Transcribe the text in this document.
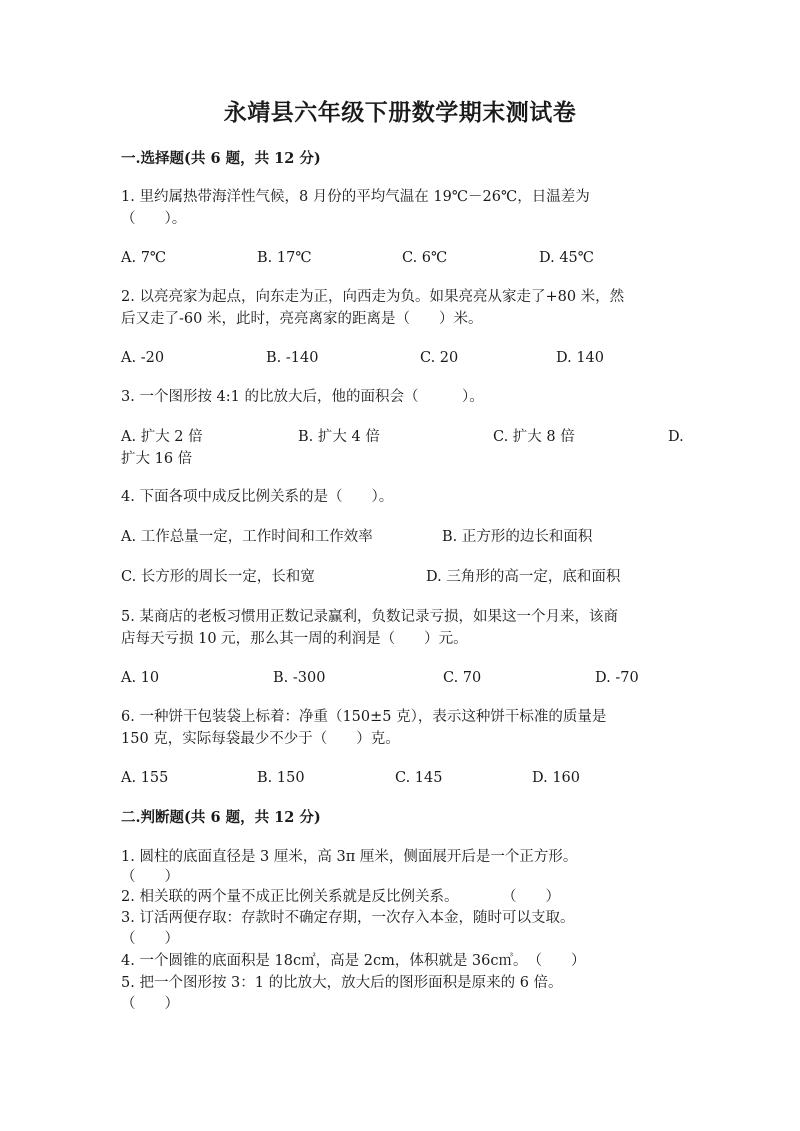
永靖县六年级下册数学期末测试卷
一.选择题(共 6 题，共 12 分)
1. 里约属热带海洋性气候，8 月份的平均气温在 19℃－26℃，日温差为
（　　）。
A. 7℃	B. 17℃	C. 6℃	D. 45℃
2. 以亮亮家为起点，向东走为正，向西走为负。如果亮亮从家走了+80 米，然
后又走了-60 米，此时，亮亮离家的距离是（　　）米。
A. -20	B. -140	C. 20	D. 140
3. 一个图形按 4:1 的比放大后，他的面积会（　　　）。
A. 扩大 2 倍	B. 扩大 4 倍	C. 扩大 8 倍	D.
扩大 16 倍
4. 下面各项中成反比例关系的是（　　）。
A. 工作总量一定，工作时间和工作效率	B. 正方形的边长和面积
C. 长方形的周长一定，长和宽	D. 三角形的高一定，底和面积
5. 某商店的老板习惯用正数记录赢利，负数记录亏损，如果这一个月来，该商
店每天亏损 10 元，那么其一周的利润是（　　）元。
A. 10	B. -300	C. 70	D. -70
6. 一种饼干包装袋上标着：净重（150±5 克），表示这种饼干标准的质量是
150 克，实际每袋最少不少于（　　）克。
A. 155	B. 150	C. 145	D. 160
二.判断题(共 6 题，共 12 分)
1. 圆柱的底面直径是 3 厘米，高 3π 厘米，侧面展开后是一个正方形。
（　　）
2. 相关联的两个量不成正比例关系就是反比例关系。　　　　（　　）
3. 订活两便存取：存款时不确定存期，一次存入本金，随时可以支取。
（　　）
4. 一个圆锥的底面积是 18c㎡，高是 2cm，体积就是 36c㎥。　（　　）
5. 把一个图形按 3：1 的比放大，放大后的图形面积是原来的 6 倍。
（　　）
